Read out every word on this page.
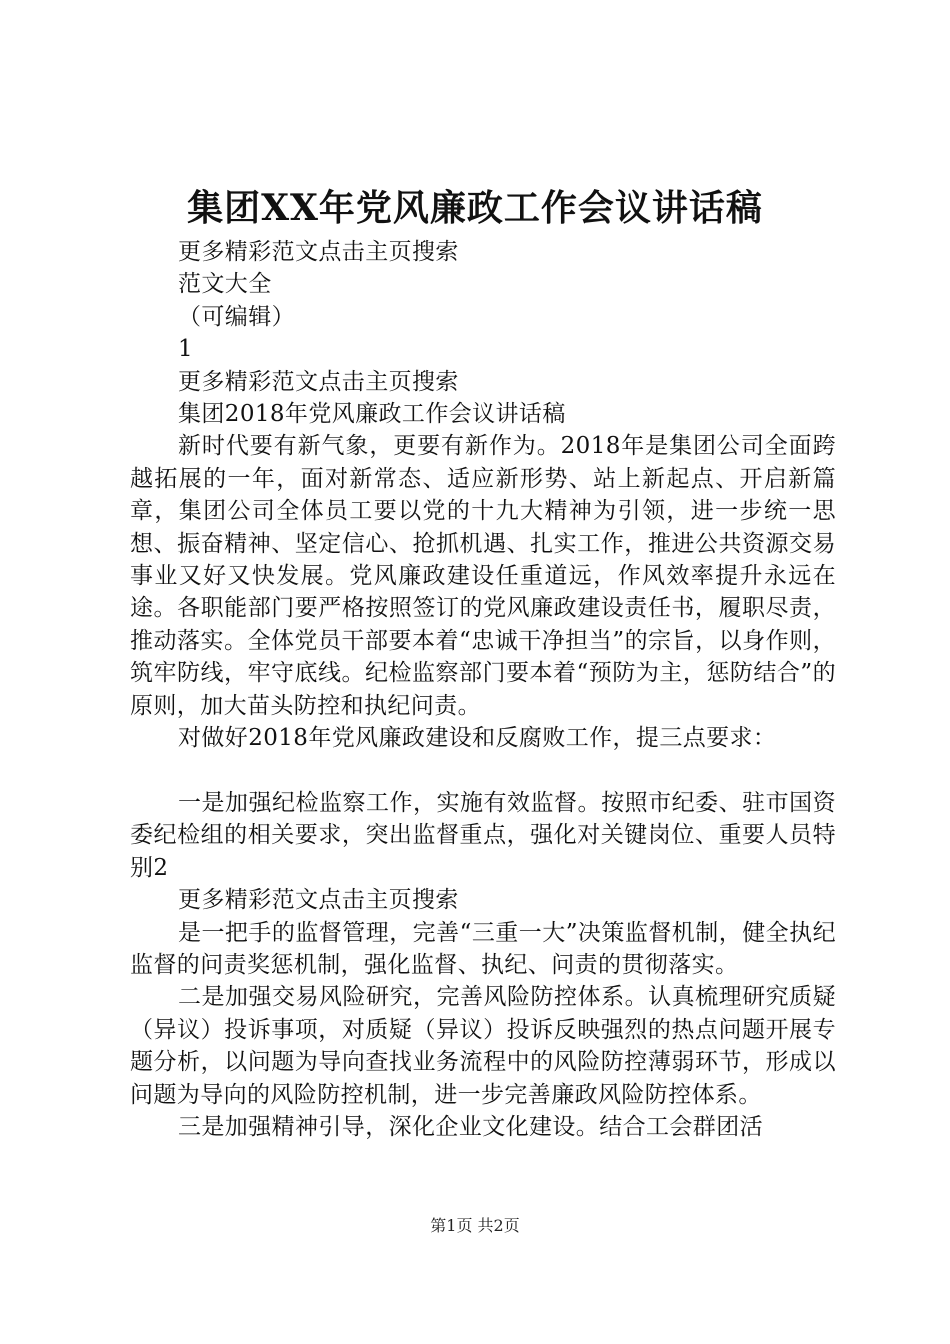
集团XX年党风廉政工作会议讲话稿

更多精彩范文点击主页搜索

范文大全

（可编辑）

1

更多精彩范文点击主页搜索

集团2018年党风廉政工作会议讲话稿

新时代要有新气象，更要有新作为。2018年是集团公司全面跨越拓展的一年，面对新常态、适应新形势、站上新起点、开启新篇章，集团公司全体员工要以党的十九大精神为引领，进一步统一思想、振奋精神、坚定信心、抢抓机遇、扎实工作，推进公共资源交易事业又好又快发展。党风廉政建设任重道远，作风效率提升永远在途。各职能部门要严格按照签订的党风廉政建设责任书，履职尽责，推动落实。全体党员干部要本着“忠诚干净担当”的宗旨，以身作则，筑牢防线，牢守底线。纪检监察部门要本着“预防为主，惩防结合”的原则，加大苗头防控和执纪问责。

对做好2018年党风廉政建设和反腐败工作，提三点要求：

一是加强纪检监察工作，实施有效监督。按照市纪委、驻市国资委纪检组的相关要求，突出监督重点，强化对关键岗位、重要人员特别2

更多精彩范文点击主页搜索

是一把手的监督管理，完善“三重一大”决策监督机制，健全执纪监督的问责奖惩机制，强化监督、执纪、问责的贯彻落实。

二是加强交易风险研究，完善风险防控体系。认真梳理研究质疑（异议）投诉事项，对质疑（异议）投诉反映强烈的热点问题开展专题分析，以问题为导向查找业务流程中的风险防控薄弱环节，形成以问题为导向的风险防控机制，进一步完善廉政风险防控体系。

三是加强精神引导，深化企业文化建设。结合工会群团活

第1页 共2页
